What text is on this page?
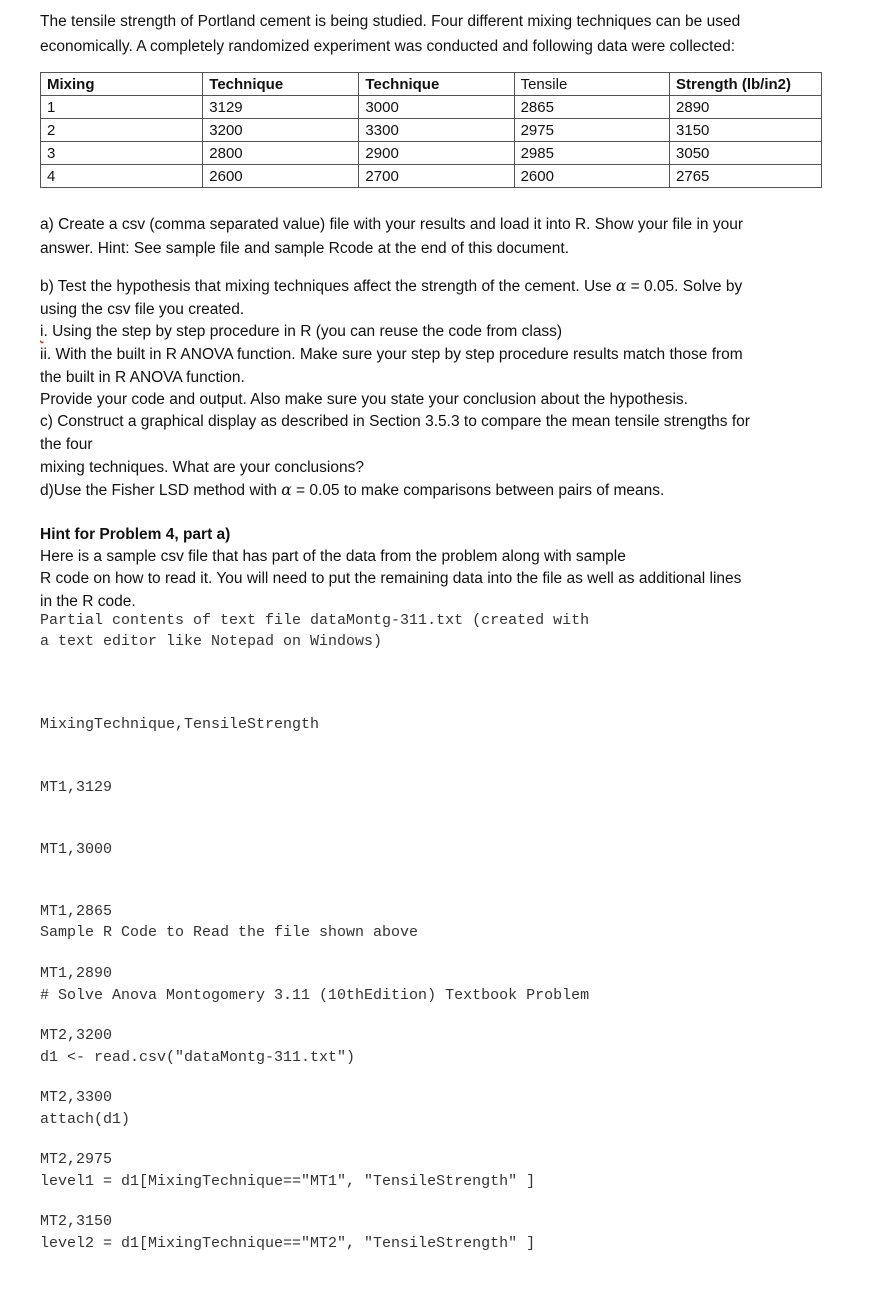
The tensile strength of Portland cement is being studied. Four different mixing techniques can be used

economically. A completely randomized experiment was conducted and following data were collected:

Mixing	Technique	Technique	Tensile	Strength (lb/in2)
1	3129	3000	2865	2890
2	3200	3300	2975	3150
3	2800	2900	2985	3050
4	2600	2700	2600	2765

a) Create a csv (comma separated value) file with your results and load it into R. Show your file in your

answer. Hint: See sample file and sample Rcode at the end of this document.

b) Test the hypothesis that mixing techniques affect the strength of the cement. Use α = 0.05. Solve by

using the csv file you created.

i. Using the step by step procedure in R (you can reuse the code from class)

ii. With the built in R ANOVA function. Make sure your step by step procedure results match those from

the built in R ANOVA function.

Provide your code and output. Also make sure you state your conclusion about the hypothesis.

c) Construct a graphical display as described in Section 3.5.3 to compare the mean tensile strengths for

the four

mixing techniques. What are your conclusions?

d)Use the Fisher LSD method with α = 0.05 to make comparisons between pairs of means.

Hint for Problem 4, part a)

Here is a sample csv file that has part of the data from the problem along with sample

R code on how to read it. You will need to put the remaining data into the file as well as additional lines

in the R code.

Partial contents of text file dataMontg-311.txt (created with

a text editor like Notepad on Windows)

MixingTechnique,TensileStrength

MT1,3129

MT1,3000

MT1,2865

MT1,2890

MT2,3200

MT2,3300

MT2,2975

MT2,3150

Sample R Code to Read the file shown above

# Solve Anova Montogomery 3.11 (10thEdition) Textbook Problem

d1 <- read.csv("dataMontg-311.txt")

attach(d1)

level1 = d1[MixingTechnique=="MT1", "TensileStrength" ]

level2 = d1[MixingTechnique=="MT2", "TensileStrength" ]
